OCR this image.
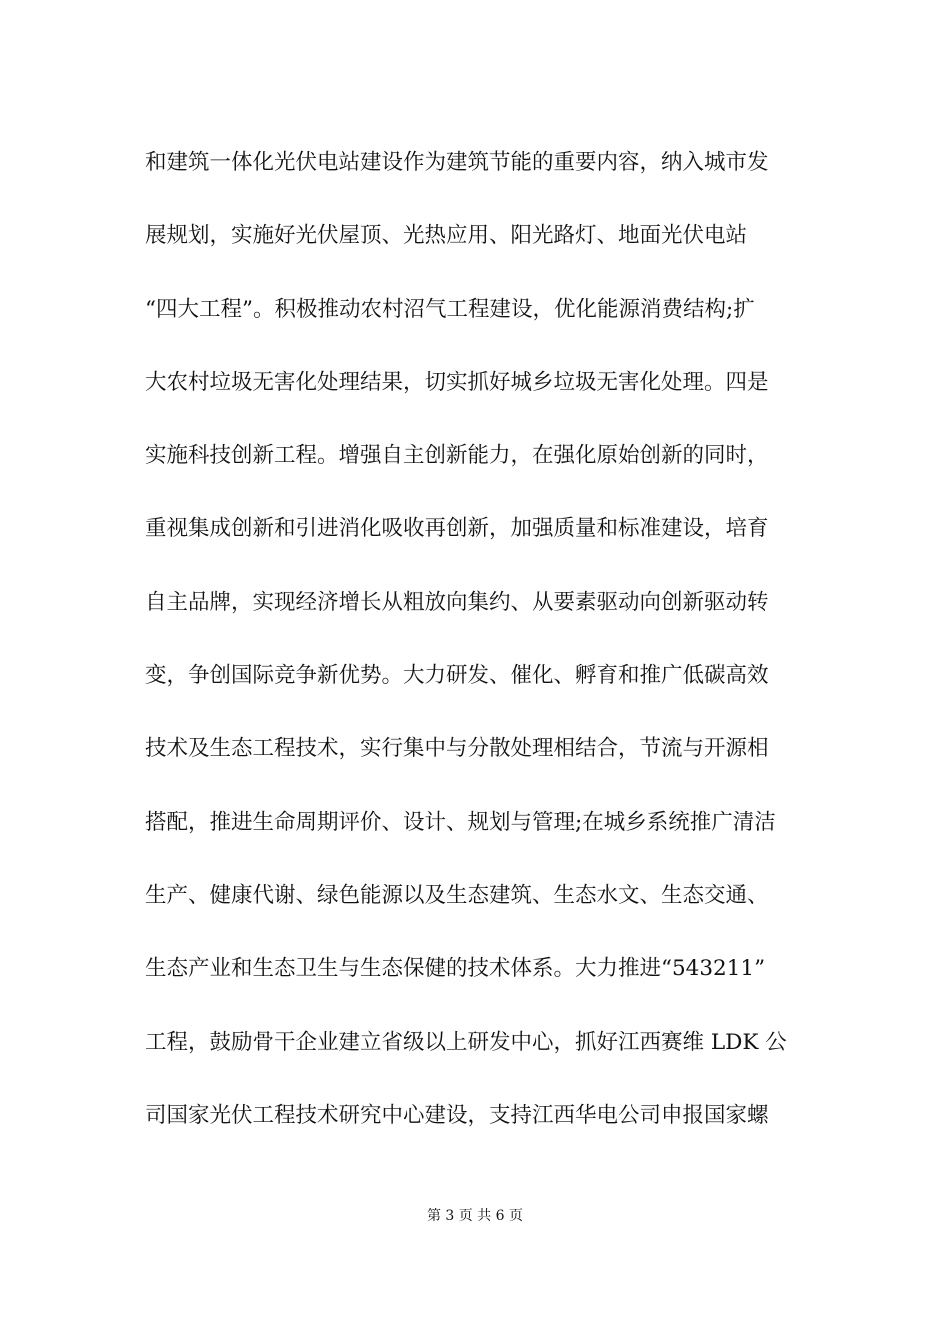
和建筑一体化光伏电站建设作为建筑节能的重要内容，纳入城市发
展规划，实施好光伏屋顶、光热应用、阳光路灯、地面光伏电站
“四大工程”。积极推动农村沼气工程建设，优化能源消费结构;扩
大农村垃圾无害化处理结果，切实抓好城乡垃圾无害化处理。四是
实施科技创新工程。增强自主创新能力，在强化原始创新的同时，
重视集成创新和引进消化吸收再创新，加强质量和标准建设，培育
自主品牌，实现经济增长从粗放向集约、从要素驱动向创新驱动转
变，争创国际竞争新优势。大力研发、催化、孵育和推广低碳高效
技术及生态工程技术，实行集中与分散处理相结合，节流与开源相
搭配，推进生命周期评价、设计、规划与管理;在城乡系统推广清洁
生产、健康代谢、绿色能源以及生态建筑、生态水文、生态交通、
生态产业和生态卫生与生态保健的技术体系。大力推进“543211”
工程，鼓励骨干企业建立省级以上研发中心，抓好江西赛维 LDK 公
司国家光伏工程技术研究中心建设，支持江西华电公司申报国家螺
第 3 页 共 6 页
